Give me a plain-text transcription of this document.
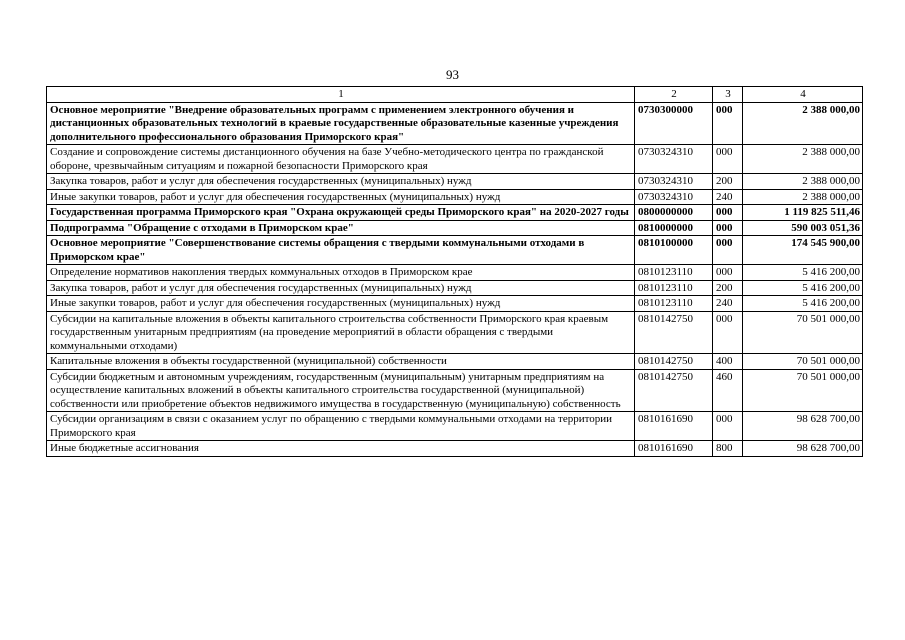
93
1	2	3	4
Основное мероприятие "Внедрение образовательных программ с применением электронного обучения и дистанционных образовательных технологий в краевые государственные образовательные казенные учреждения дополнительного профессионального образования Приморского края"	0730300000	000	2 388 000,00
Создание и сопровождение системы дистанционного обучения на базе Учебно-методического центра по гражданской обороне, чрезвычайным ситуациям и пожарной безопасности Приморского края	0730324310	000	2 388 000,00
Закупка товаров, работ и услуг для обеспечения государственных (муниципальных) нужд	0730324310	200	2 388 000,00
Иные закупки товаров, работ и услуг для обеспечения государственных (муниципальных) нужд	0730324310	240	2 388 000,00
Государственная программа Приморского края "Охрана окружающей среды Приморского края" на 2020-2027 годы	0800000000	000	1 119 825 511,46
Подпрограмма "Обращение с отходами в Приморском крае"	0810000000	000	590 003 051,36
Основное мероприятие "Совершенствование системы обращения с твердыми коммунальными отходами в Приморском крае"	0810100000	000	174 545 900,00
Определение нормативов накопления твердых коммунальных отходов в Приморском крае	0810123110	000	5 416 200,00
Закупка товаров, работ и услуг для обеспечения государственных (муниципальных) нужд	0810123110	200	5 416 200,00
Иные закупки товаров, работ и услуг для обеспечения государственных (муниципальных) нужд	0810123110	240	5 416 200,00
Субсидии на капитальные вложения в объекты капитального строительства собственности Приморского края краевым государственным унитарным предприятиям (на проведение мероприятий в области обращения с твердыми коммунальными отходами)	0810142750	000	70 501 000,00
Капитальные вложения в объекты государственной (муниципальной) собственности	0810142750	400	70 501 000,00
Субсидии бюджетным и автономным учреждениям, государственным (муниципальным) унитарным предприятиям на осуществление капитальных вложений в объекты капитального строительства государственной (муниципальной) собственности или приобретение объектов недвижимого имущества в государственную (муниципальную) собственность	0810142750	460	70 501 000,00
Субсидии организациям в связи с оказанием услуг по обращению с твердыми коммунальными отходами на территории Приморского края	0810161690	000	98 628 700,00
Иные бюджетные ассигнования	0810161690	800	98 628 700,00
